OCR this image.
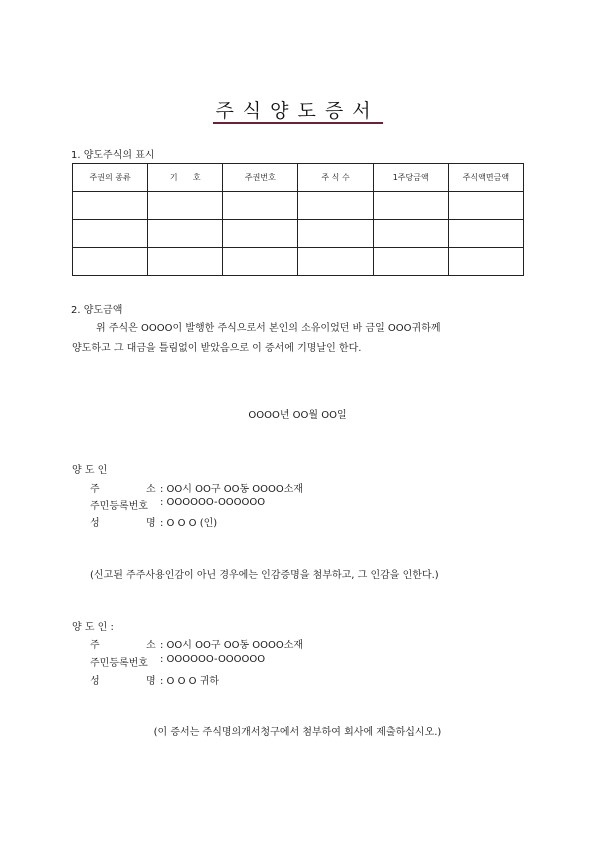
주식양도증서
1. 양도주식의 표시
주권의 종류	기      호	주권번호	주 식 수	1주당금액	주식액면금액

2. 양도금액
위 주식은 OOOO이 발행한 주식으로서 본인의 소유이었던 바 금일 OOO귀하께
양도하고 그 대금을 틀림없이 받았음으로 이 증서에 기명날인 한다.
OOOO년 OO월 OO일
양 도 인
주	소 : OO시 OO구 OO동 OOOO소재
주민등록번호 : OOOOOO-OOOOOO
성	명 : O O O (인)
(신고된 주주사용인감이 아닌 경우에는 인감증명을 첨부하고, 그 인감을 인한다.)
양 도 인 :
주	소 : OO시 OO구 OO동 OOOO소재
주민등록번호 : OOOOOO-OOOOOO
성	명 : O O O 귀하
(이 증서는 주식명의개서청구에서 첨부하여 회사에 제출하십시오.)
